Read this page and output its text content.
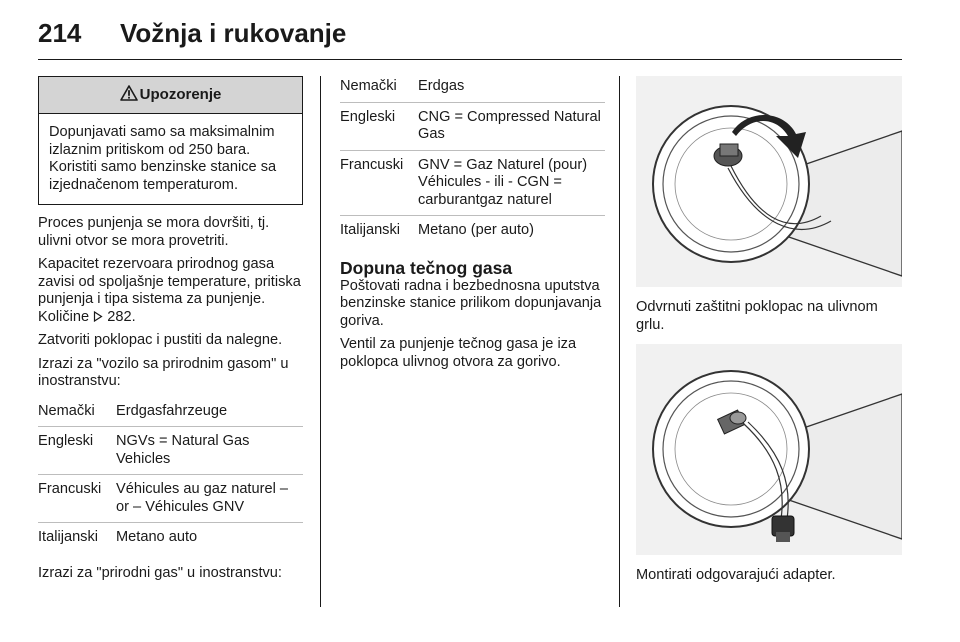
214 Vožnja i rukovanje
Upozorenje
Dopunjavati samo sa maksimalnim izlaznim pritiskom od 250 bara. Koristiti samo benzinske stanice sa izjednačenom temperaturom.

Proces punjenja se mora dovršiti, tj. ulivni otvor se mora provetriti.

Kapacitet rezervoara prirodnog gasa zavisi od spoljašnje temperature, pritiska punjenja i tipa sistema za punjenje. Količine  282.

Zatvoriti poklopac i pustiti da nalegne.

Izrazi za "vozilo sa prirodnim gasom" u inostranstvu:

Nemački	Erdgasfahrzeuge
Engleski	NGVs = Natural Gas Vehicles
Francuski	Véhicules au gaz naturel – or – Véhicules GNV
Italijanski	Metano auto

Izrazi za "prirodni gas" u inostranstvu:

Nemački	Erdgas
Engleski	CNG = Compressed Natural Gas
Francuski	GNV = Gaz Naturel (pour) Véhicules - ili - CGN = carburantgaz naturel
Italijanski	Metano (per auto)
Dopuna tečnog gasa

Poštovati radna i bezbednosna uputstva benzinske stanice prilikom dopunjavanja goriva.

Ventil za punjenje tečnog gasa je iza poklopca ulivnog otvora za gorivo.

Odvrnuti zaštitni poklopac na ulivnom grlu.
Montirati odgovarajući adapter.
